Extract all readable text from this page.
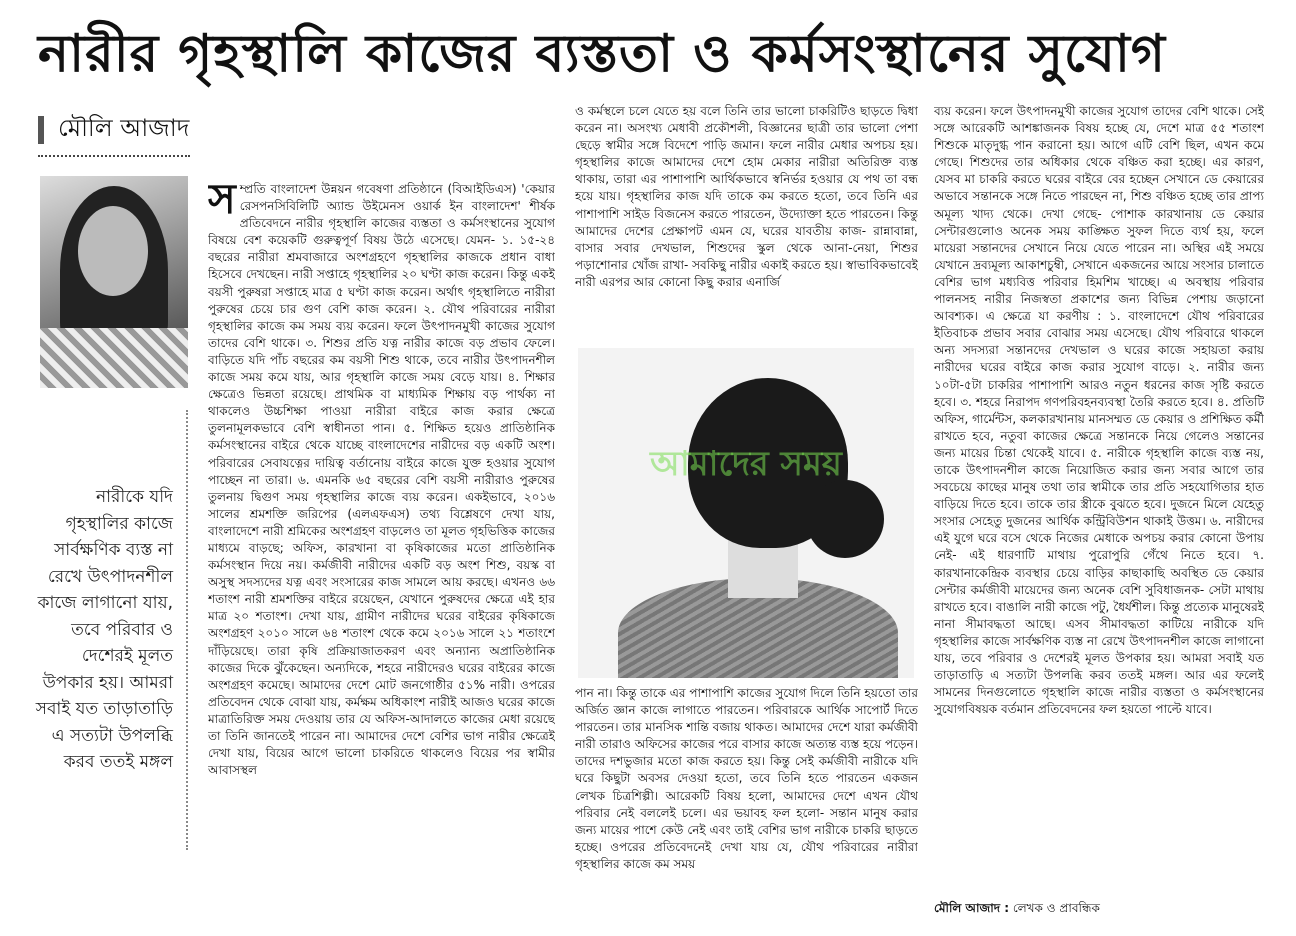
নারীর গৃহস্থালি কাজের ব্যস্ততা ও কর্মসংস্থানের সুযোগ
মৌলি আজাদ
নারীকে যদি গৃহস্থালির কাজে সার্বক্ষণিক ব্যস্ত না রেখে উৎপাদনশীল কাজে লাগানো যায়, তবে পরিবার ও দেশেরই মূলত উপকার হয়। আমরা সবাই যত তাড়াতাড়ি এ সত্যটা উপলব্ধি করব ততই মঙ্গল
স ম্প্রতি বাংলাদেশ উন্নয়ন গবেষণা প্রতিষ্ঠানে (বিআইডিএস) 'কেয়ার রেসপনসিবিলিটি অ্যান্ড উইমেনস ওয়ার্ক ইন বাংলাদেশ' শীর্ষক প্রতিবেদনে নারীর গৃহস্থালি কাজের ব্যস্ততা ও কর্মসংস্থানের সুযোগ বিষয়ে বেশ কয়েকটি গুরুত্বপূর্ণ বিষয় উঠে এসেছে। যেমন- ১. ১৫-২৪ বছরের নারীরা শ্রমবাজারে অংশগ্রহণে গৃহস্থালির কাজকে প্রধান বাধা হিসেবে দেখছেন। নারী সপ্তাহে গৃহস্থালির ২০ ঘণ্টা কাজ করেন। কিন্তু একই বয়সী পুরুষরা সপ্তাহে মাত্র ৫ ঘণ্টা কাজ করেন। অর্থাৎ গৃহস্থালিতে নারীরা পুরুষের চেয়ে চার গুণ বেশি কাজ করেন। ২. যৌথ পরিবারের নারীরা গৃহস্থালির কাজে কম সময় ব্যয় করেন। ফলে উৎপাদনমুখী কাজের সুযোগ তাদের বেশি থাকে। ৩. শিশুর প্রতি যত্ন নারীর কাজে বড় প্রভাব ফেলে। বাড়িতে যদি পাঁচ বছরের কম বয়সী শিশু থাকে, তবে নারীর উৎপাদনশীল কাজে সময় কমে যায়, আর গৃহস্থালি কাজে সময় বেড়ে যায়। ৪. শিক্ষার ক্ষেত্রেও ভিন্নতা রয়েছে। প্রাথমিক বা মাধ্যমিক শিক্ষায় বড় পার্থক্য না থাকলেও উচ্চশিক্ষা পাওয়া নারীরা বাইরে কাজ করার ক্ষেত্রে তুলনামূলকভাবে বেশি স্বাধীনতা পান। ৫. শিক্ষিত হয়েও প্রাতিষ্ঠানিক কর্মসংস্থানের বাইরে থেকে যাচ্ছে বাংলাদেশের নারীদের বড় একটি অংশ। পরিবারের সেবাযত্নের দায়িত্ব বর্তানোয় বাইরে কাজে যুক্ত হওয়ার সুযোগ পাচ্ছেন না তারা। ৬. এমনকি ৬৫ বছরের বেশি বয়সী নারীরাও পুরুষের তুলনায় দ্বিগুণ সময় গৃহস্থালির কাজে ব্যয় করেন। একইভাবে, ২০১৬ সালের শ্রমশক্তি জরিপের (এলএফএস) তথ্য বিশ্লেষণে দেখা যায়, বাংলাদেশে নারী শ্রমিকের অংশগ্রহণ বাড়লেও তা মূলত গৃহভিত্তিক কাজের মাধ্যমে বাড়ছে; অফিস, কারখানা বা কৃষিকাজের মতো প্রাতিষ্ঠানিক কর্মসংস্থান দিয়ে নয়। কর্মজীবী নারীদের একটি বড় অংশ শিশু, বয়স্ক বা অসুস্থ সদস্যদের যত্ন এবং সংসারের কাজ সামলে আয় করছে। এখনও ৬৬ শতাংশ নারী শ্রমশক্তির বাইরে রয়েছেন, যেখানে পুরুষদের ক্ষেত্রে এই হার মাত্র ২০ শতাংশ। দেখা যায়, গ্রামীণ নারীদের ঘরের বাইরের কৃষিকাজে অংশগ্রহণ ২০১০ সালে ৬৪ শতাংশ থেকে কমে ২০১৬ সালে ২১ শতাংশে দাঁড়িয়েছে। তারা কৃষি প্রক্রিয়াজাতকরণ এবং অন্যান্য অপ্রাতিষ্ঠানিক কাজের দিকে ঝুঁকেছেন। অন্যদিকে, শহরে নারীদেরও ঘরের বাইরের কাজে অংশগ্রহণ কমেছে। আমাদের দেশে মোট জনগোষ্ঠীর ৫১% নারী। ওপরের প্রতিবেদন থেকে বোঝা যায়, কর্মক্ষম অধিকাংশ নারীই আজও ঘরের কাজে মাত্রাতিরিক্ত সময় দেওয়ায় তার যে অফিস-আদালতে কাজের মেধা রয়েছে তা তিনি জানতেই পারেন না। আমাদের দেশে বেশির ভাগ নারীর ক্ষেত্রেই দেখা যায়, বিয়ের আগে ভালো চাকরিতে থাকলেও বিয়ের পর স্বামীর আবাসস্থল

ও কর্মস্থলে চলে যেতে হয় বলে তিনি তার ভালো চাকরিটিও ছাড়তে দ্বিধা করেন না। অসংখ্য মেধাবী প্রকৌশলী, বিজ্ঞানের ছাত্রী তার ভালো পেশা ছেড়ে স্বামীর সঙ্গে বিদেশে পাড়ি জমান। ফলে নারীর মেধার অপচয় হয়। গৃহস্থালির কাজে আমাদের দেশে হোম মেকার নারীরা অতিরিক্ত ব্যস্ত থাকায়, তারা এর পাশাপাশি আর্থিকভাবে স্বনির্ভর হওয়ার যে পথ তা বন্ধ হয়ে যায়। গৃহস্থালির কাজ যদি তাকে কম করতে হতো, তবে তিনি এর পাশাপাশি সাইড বিজনেস করতে পারতেন, উদ্যোক্তা হতে পারতেন। কিন্তু আমাদের দেশের প্রেক্ষাপট এমন যে, ঘরের যাবতীয় কাজ- রান্নাবান্না, বাসার সবার দেখভাল, শিশুদের স্কুল থেকে আনা-নেয়া, শিশুর পড়াশোনার খোঁজ রাখা- সবকিছু নারীর একাই করতে হয়। স্বাভাবিকভাবেই নারী এরপর আর কোনো কিছু করার এনার্জি

আমাদের সময়

পান না। কিন্তু তাকে এর পাশাপাশি কাজের সুযোগ দিলে তিনি হয়তো তার অর্জিত জ্ঞান কাজে লাগাতে পারতেন। পরিবারকে আর্থিক সাপোর্ট দিতে পারতেন। তার মানসিক শান্তি বজায় থাকত। আমাদের দেশে যারা কর্মজীবী নারী তারাও অফিসের কাজের পরে বাসার কাজে অত্যন্ত ব্যস্ত হয়ে পড়েন। তাদের দশভুজার মতো কাজ করতে হয়। কিন্তু সেই কর্মজীবী নারীকে যদি ঘরে কিছুটা অবসর দেওয়া হতো, তবে তিনি হতে পারতেন একজন লেখক চিত্রশিল্পী। আরেকটি বিষয় হলো, আমাদের দেশে এখন যৌথ পরিবার নেই বললেই চলে। এর ভয়াবহ ফল হলো- সন্তান মানুষ করার জন্য মায়ের পাশে কেউ নেই এবং তাই বেশির ভাগ নারীকে চাকরি ছাড়তে হচ্ছে। ওপরের প্রতিবেদনেই দেখা যায় যে, যৌথ পরিবারের নারীরা গৃহস্থালির কাজে কম সময়

ব্যয় করেন। ফলে উৎপাদনমুখী কাজের সুযোগ তাদের বেশি থাকে। সেই সঙ্গে আরেকটি আশঙ্কাজনক বিষয় হচ্ছে যে, দেশে মাত্র ৫৫ শতাংশ শিশুকে মাতৃদুগ্ধ পান করানো হয়। আগে এটি বেশি ছিল, এখন কমে গেছে। শিশুদের তার অধিকার থেকে বঞ্চিত করা হচ্ছে। এর কারণ, যেসব মা চাকরি করতে ঘরের বাইরে বের হচ্ছেন সেখানে ডে কেয়ারের অভাবে সন্তানকে সঙ্গে নিতে পারছেন না, শিশু বঞ্চিত হচ্ছে তার প্রাপ্য অমূল্য খাদ্য থেকে। দেখা গেছে- পোশাক কারখানায় ডে কেয়ার সেন্টারগুলোও অনেক সময় কাঙ্ক্ষিত সুফল দিতে ব্যর্থ হয়, ফলে মায়েরা সন্তানদের সেখানে নিয়ে যেতে পারেন না। অস্থির এই সময়ে যেখানে দ্রব্যমূল্য আকাশচুম্বী, সেখানে একজনের আয়ে সংসার চালাতে বেশির ভাগ মধ্যবিত্ত পরিবার হিমশিম খাচ্ছে। এ অবস্থায় পরিবার পালনসহ নারীর নিজস্বতা প্রকাশের জন্য বিভিন্ন পেশায় জড়ানো আবশ্যক। এ ক্ষেত্রে যা করণীয় : ১. বাংলাদেশে যৌথ পরিবারের ইতিবাচক প্রভাব সবার বোঝার সময় এসেছে। যৌথ পরিবারে থাকলে অন্য সদস্যরা সন্তানদের দেখভাল ও ঘরের কাজে সহায়তা করায় নারীদের ঘরের বাইরে কাজ করার সুযোগ বাড়ে। ২. নারীর জন্য ১০টা-৫টা চাকরির পাশাপাশি আরও নতুন ধরনের কাজ সৃষ্টি করতে হবে। ৩. শহরে নিরাপদ গণপরিবহনব্যবস্থা তৈরি করতে হবে। ৪. প্রতিটি অফিস, গার্মেন্টস, কলকারখানায় মানসম্মত ডে কেয়ার ও প্রশিক্ষিত কর্মী রাখতে হবে, নতুবা কাজের ক্ষেত্রে সন্তানকে নিয়ে গেলেও সন্তানের জন্য মায়ের চিন্তা থেকেই যাবে। ৫. নারীকে গৃহস্থালি কাজে ব্যস্ত নয়, তাকে উৎপাদনশীল কাজে নিয়োজিত করার জন্য সবার আগে তার সবচেয়ে কাছের মানুষ তথা তার স্বামীকে তার প্রতি সহযোগিতার হাত বাড়িয়ে দিতে হবে। তাকে তার স্ত্রীকে বুঝতে হবে। দুজনে মিলে যেহেতু সংসার সেহেতু দুজনের আর্থিক কন্ট্রিবিউশন থাকাই উত্তম। ৬. নারীদের এই যুগে ঘরে বসে থেকে নিজের মেধাকে অপচয় করার কোনো উপায় নেই- এই ধারণাটি মাথায় পুরোপুরি গেঁথে নিতে হবে। ৭. কারখানাকেন্দ্রিক ব্যবস্থার চেয়ে বাড়ির কাছাকাছি অবস্থিত ডে কেয়ার সেন্টার কর্মজীবী মায়েদের জন্য অনেক বেশি সুবিধাজনক- সেটা মাথায় রাখতে হবে। বাঙালি নারী কাজে পটু, ধৈর্যশীল। কিন্তু প্রত্যেক মানুষেরই নানা সীমাবদ্ধতা আছে। এসব সীমাবদ্ধতা কাটিয়ে নারীকে যদি গৃহস্থালির কাজে সার্বক্ষণিক ব্যস্ত না রেখে উৎপাদনশীল কাজে লাগানো যায়, তবে পরিবার ও দেশেরই মূলত উপকার হয়। আমরা সবাই যত তাড়াতাড়ি এ সত্যটা উপলব্ধি করব ততই মঙ্গল। আর এর ফলেই সামনের দিনগুলোতে গৃহস্থালি কাজে নারীর ব্যস্ততা ও কর্মসংস্থানের সুযোগবিষয়ক বর্তমান প্রতিবেদনের ফল হয়তো পাল্টে যাবে।

মৌলি আজাদ : লেখক ও প্রাবন্ধিক
